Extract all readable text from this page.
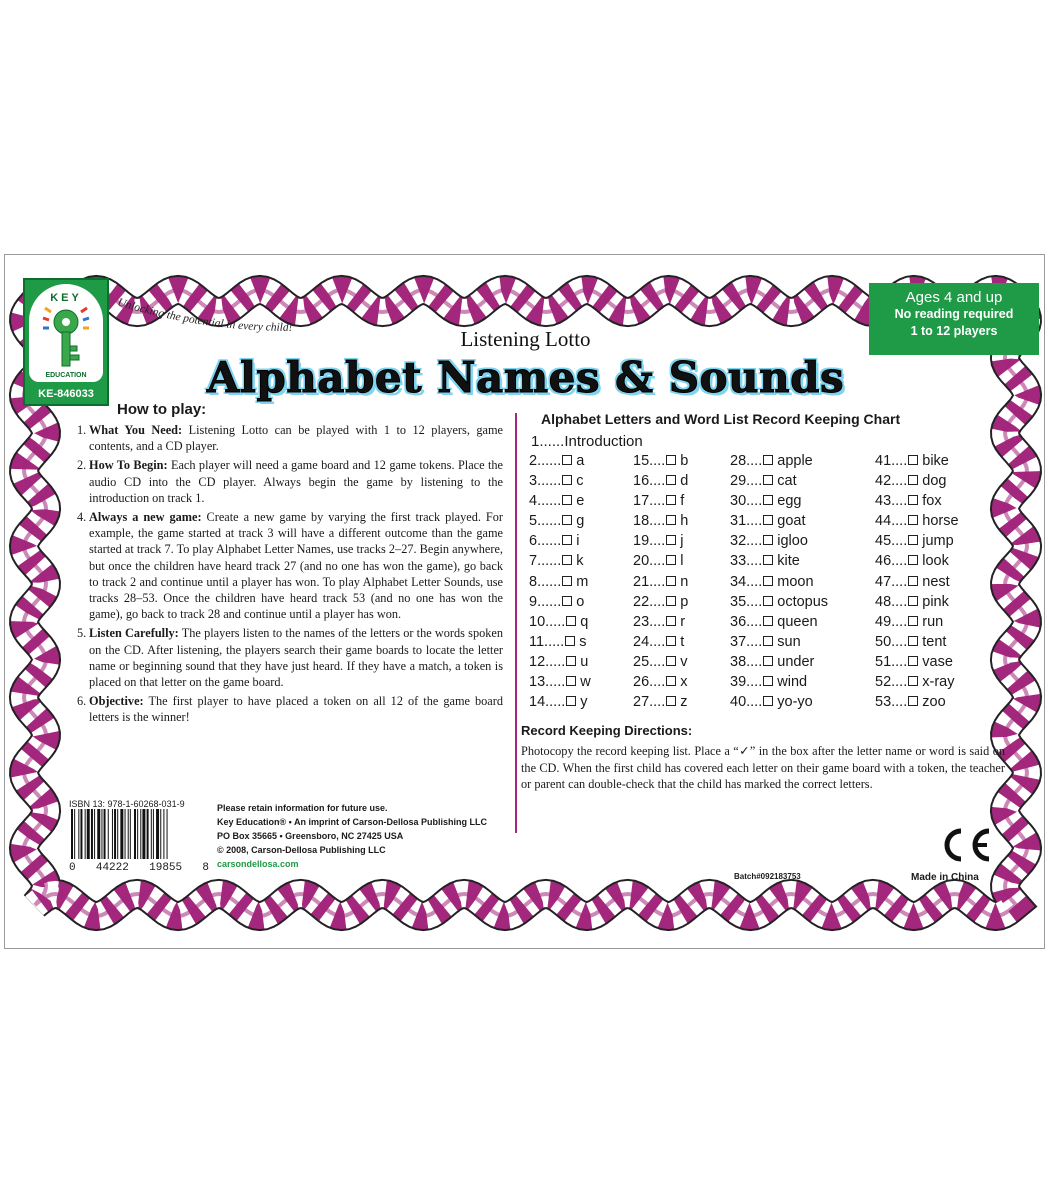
KEY
EDUCATION
KE-846033
Unlocking the potential in every child!
Ages 4 and up
No reading required
1 to 12 players
Listening Lotto
Alphabet Names & Sounds
How to play:
1. What You Need: Listening Lotto can be played with 1 to 12 players, game contents, and a CD player.
2. How To Begin: Each player will need a game board and 12 game tokens. Place the audio CD into the CD player. Always begin the game by listening to the introduction on track 1.
4. Always a new game: Create a new game by varying the first track played. For example, the game started at track 3 will have a different outcome than the game started at track 7. To play Alphabet Letter Names, use tracks 2–27. Begin anywhere, but once the children have heard track 27 (and no one has won the game), go back to track 2 and continue until a player has won. To play Alphabet Letter Sounds, use tracks 28–53. Once the children have heard track 53 (and no one has won the game), go back to track 28 and continue until a player has won.
5. Listen Carefully: The players listen to the names of the letters or the words spoken on the CD. After listening, the players search their game boards to locate the letter name or beginning sound that they have just heard. If they have a match, a token is placed on that letter on the game board.
6. Objective: The first player to have placed a token on all 12 of the game board letters is the winner!
Alphabet Letters and Word List Record Keeping Chart
1......Introduction
2...... a
3...... c
4...... e
5...... g
6...... i
7...... k
8...... m
9...... o
10..... q
11..... s
12..... u
13..... w
14..... y
15.... b
16.... d
17.... f
18.... h
19.... j
20.... l
21.... n
22.... p
23.... r
24.... t
25.... v
26.... x
27.... z
28.... apple
29.... cat
30.... egg
31.... goat
32.... igloo
33.... kite
34.... moon
35.... octopus
36.... queen
37.... sun
38.... under
39.... wind
40.... yo-yo
41.... bike
42.... dog
43.... fox
44.... horse
45.... jump
46.... look
47.... nest
48.... pink
49.... run
50.... tent
51.... vase
52.... x-ray
53.... zoo
Record Keeping Directions:
Photocopy the record keeping list. Place a “✓” in the box after the letter name or word is said on the CD. When the first child has covered each letter on their game board with a token, the teacher or parent can double-check that the child has marked the correct letters.
ISBN 13: 978-1-60268-031-9
0 44222 19855 8
Please retain information for future use.
Key Education® • An imprint of Carson-Dellosa Publishing LLC
PO Box 35665 • Greensboro, NC 27425 USA
© 2008, Carson-Dellosa Publishing LLC
carsondellosa.com
Batch#092183753	Made in China
